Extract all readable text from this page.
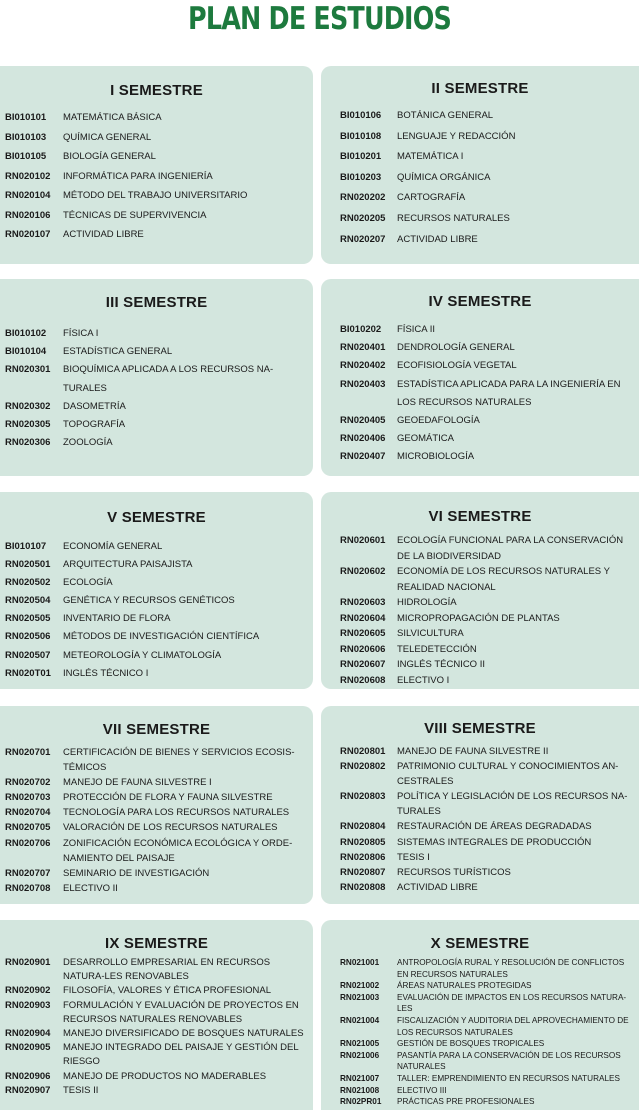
PLAN DE ESTUDIOS
I SEMESTRE
BI010101	MATEMÁTICA BÁSICA
BI010103	QUÍMICA GENERAL
BI010105	BIOLOGÍA GENERAL
RN020102	INFORMÁTICA PARA INGENIERÍA
RN020104	MÉTODO DEL TRABAJO UNIVERSITARIO
RN020106	TÉCNICAS DE SUPERVIVENCIA
RN020107	ACTIVIDAD LIBRE
II SEMESTRE
BI010106	BOTÁNICA GENERAL
BI010108	LENGUAJE Y REDACCIÓN
BI010201	MATEMÁTICA I
BI010203	QUÍMICA ORGÁNICA
RN020202	CARTOGRAFÍA
RN020205	RECURSOS NATURALES
RN020207	ACTIVIDAD LIBRE
III SEMESTRE
BI010102	FÍSICA I
BI010104	ESTADÍSTICA GENERAL
RN020301	BIOQUÍMICA APLICADA A LOS RECURSOS NA-TURALES
RN020302	DASOMETRÍA
RN020305	TOPOGRAFÍA
RN020306	ZOOLOGÍA
IV SEMESTRE
BI010202	FÍSICA II
RN020401	DENDROLOGÍA GENERAL
RN020402	ECOFISIOLOGÍA VEGETAL
RN020403	ESTADÍSTICA APLICADA PARA LA INGENIERÍA EN LOS RECURSOS NATURALES
RN020405	GEOEDAFOLOGÍA
RN020406	GEOMÁTICA
RN020407	MICROBIOLOGÍA
V SEMESTRE
BI010107	ECONOMÍA GENERAL
RN020501	ARQUITECTURA PAISAJISTA
RN020502	ECOLOGÍA
RN020504	GENÉTICA Y RECURSOS GENÉTICOS
RN020505	INVENTARIO DE FLORA
RN020506	MÉTODOS DE INVESTIGACIÓN CIENTÍFICA
RN020507	METEOROLOGÍA Y CLIMATOLOGÍA
RN020T01	INGLÉS TÉCNICO I
VI SEMESTRE
RN020601	ECOLOGÍA FUNCIONAL PARA LA CONSERVACIÓN DE LA BIODIVERSIDAD
RN020602	ECONOMÍA DE LOS RECURSOS NATURALES Y REALIDAD NACIONAL
RN020603	HIDROLOGÍA
RN020604	MICROPROPAGACIÓN DE PLANTAS
RN020605	SILVICULTURA
RN020606	TELEDETECCIÓN
RN020607	INGLÉS TÉCNICO II
RN020608	ELECTIVO I
VII SEMESTRE
RN020701	CERTIFICACIÓN DE BIENES Y SERVICIOS ECOSIS-TÉMICOS
RN020702	MANEJO DE FAUNA SILVESTRE I
RN020703	PROTECCIÓN DE FLORA Y FAUNA SILVESTRE
RN020704	TECNOLOGÍA PARA LOS RECURSOS NATURALES
RN020705	VALORACIÓN DE LOS RECURSOS NATURALES
RN020706	ZONIFICACIÓN ECONÓMICA ECOLÓGICA Y ORDE-NAMIENTO DEL PAISAJE
RN020707	SEMINARIO DE INVESTIGACIÓN
RN020708	ELECTIVO II
VIII SEMESTRE
RN020801	MANEJO DE FAUNA SILVESTRE II
RN020802	PATRIMONIO CULTURAL Y CONOCIMIENTOS AN-CESTRALES
RN020803	POLÍTICA Y LEGISLACIÓN DE LOS RECURSOS NA-TURALES
RN020804	RESTAURACIÓN DE ÁREAS DEGRADADAS
RN020805	SISTEMAS INTEGRALES DE PRODUCCIÓN
RN020806	TESIS I
RN020807	RECURSOS TURÍSTICOS
RN020808	ACTIVIDAD LIBRE
IX SEMESTRE
RN020901	DESARROLLO EMPRESARIAL EN RECURSOS NATURA-LES RENOVABLES
RN020902	FILOSOFÍA, VALORES Y ÉTICA PROFESIONAL
RN020903	FORMULACIÓN Y EVALUACIÓN DE PROYECTOS EN RECURSOS NATURALES RENOVABLES
RN020904	MANEJO DIVERSIFICADO DE BOSQUES NATURALES
RN020905	MANEJO INTEGRADO DEL PAISAJE Y GESTIÓN DEL RIESGO
RN020906	MANEJO DE PRODUCTOS NO MADERABLES
RN020907	TESIS II
X SEMESTRE
RN021001	ANTROPOLOGÍA RURAL Y RESOLUCIÓN DE CONFLICTOS EN RECURSOS NATURALES
RN021002	ÁREAS NATURALES PROTEGIDAS
RN021003	EVALUACIÓN DE IMPACTOS EN LOS RECURSOS NATURA-LES
RN021004	FISCALIZACIÓN Y AUDITORIA DEL APROVECHAMIENTO DE LOS RECURSOS NATURALES
RN021005	GESTIÓN DE BOSQUES TROPICALES
RN021006	PASANTÍA PARA LA CONSERVACIÓN DE LOS RECURSOS NATURALES
RN021007	TALLER: EMPRENDIMIENTO EN RECURSOS NATURALES
RN021008	ELECTIVO III
RN02PR01	PRÁCTICAS PRE PROFESIONALES
